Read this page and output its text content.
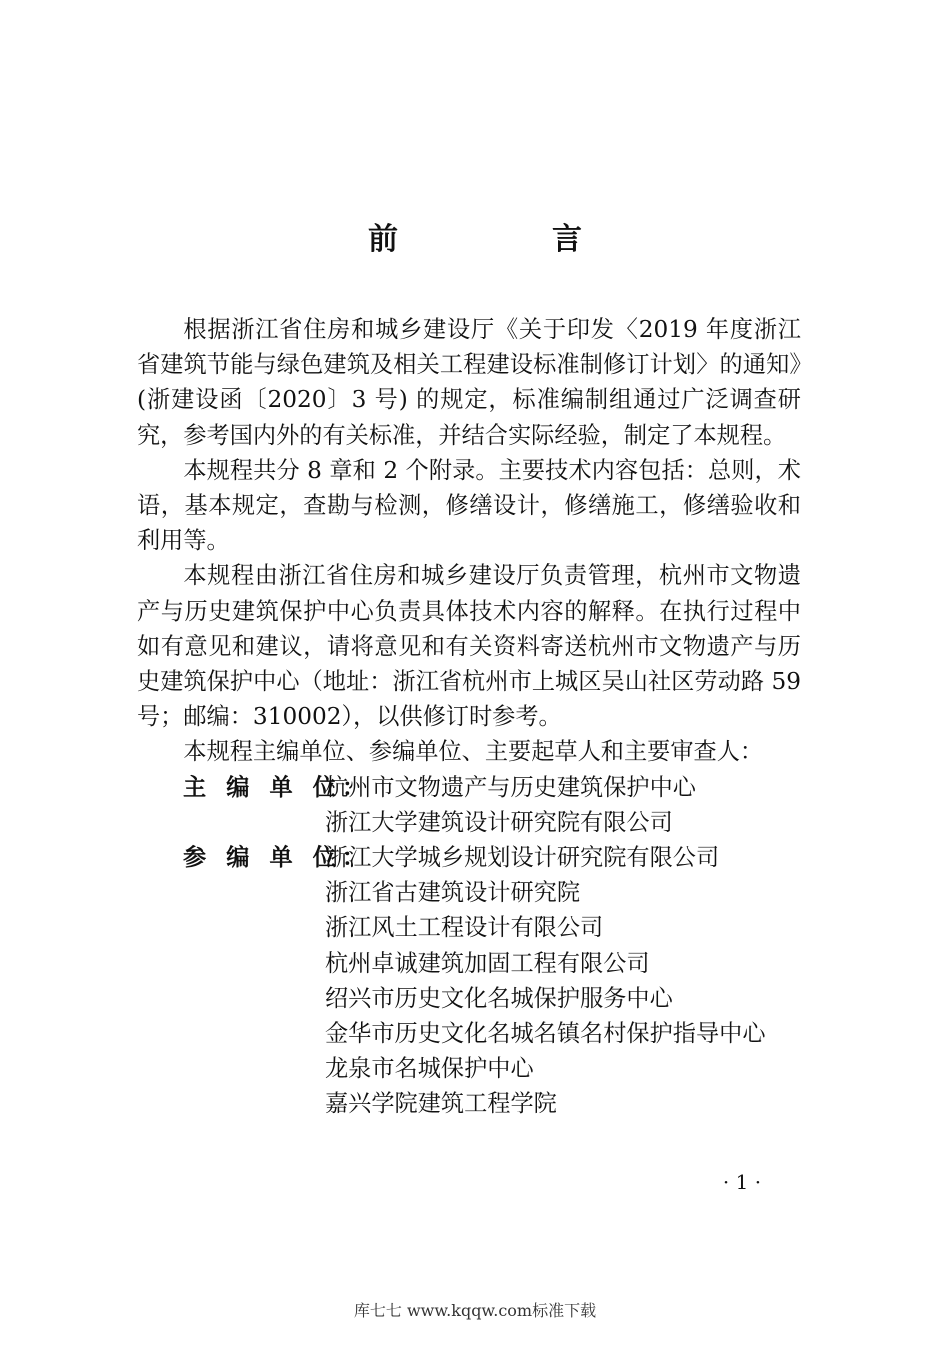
前　言

根据浙江省住房和城乡建设厅《关于印发〈2019 年度浙江省建筑节能与绿色建筑及相关工程建设标准制修订计划〉的通知》(浙建设函〔2020〕3 号) 的规定，标准编制组通过广泛调查研究，参考国内外的有关标准，并结合实际经验，制定了本规程。

本规程共分 8 章和 2 个附录。主要技术内容包括：总则，术语，基本规定，查勘与检测，修缮设计，修缮施工，修缮验收和利用等。

本规程由浙江省住房和城乡建设厅负责管理，杭州市文物遗产与历史建筑保护中心负责具体技术内容的解释。在执行过程中如有意见和建议，请将意见和有关资料寄送杭州市文物遗产与历史建筑保护中心（地址：浙江省杭州市上城区吴山社区劳动路 59 号；邮编：310002），以供修订时参考。

本规程主编单位、参编单位、主要起草人和主要审查人：

主 编 单 位：
杭州市文物遗产与历史建筑保护中心
浙江大学建筑设计研究院有限公司
参 编 单 位：
浙江大学城乡规划设计研究院有限公司
浙江省古建筑设计研究院
浙江风土工程设计有限公司
杭州卓诚建筑加固工程有限公司
绍兴市历史文化名城保护服务中心
金华市历史文化名城名镇名村保护指导中心
龙泉市名城保护中心
嘉兴学院建筑工程学院
· 1 ·
库七七 www.kqqw.com标准下载
